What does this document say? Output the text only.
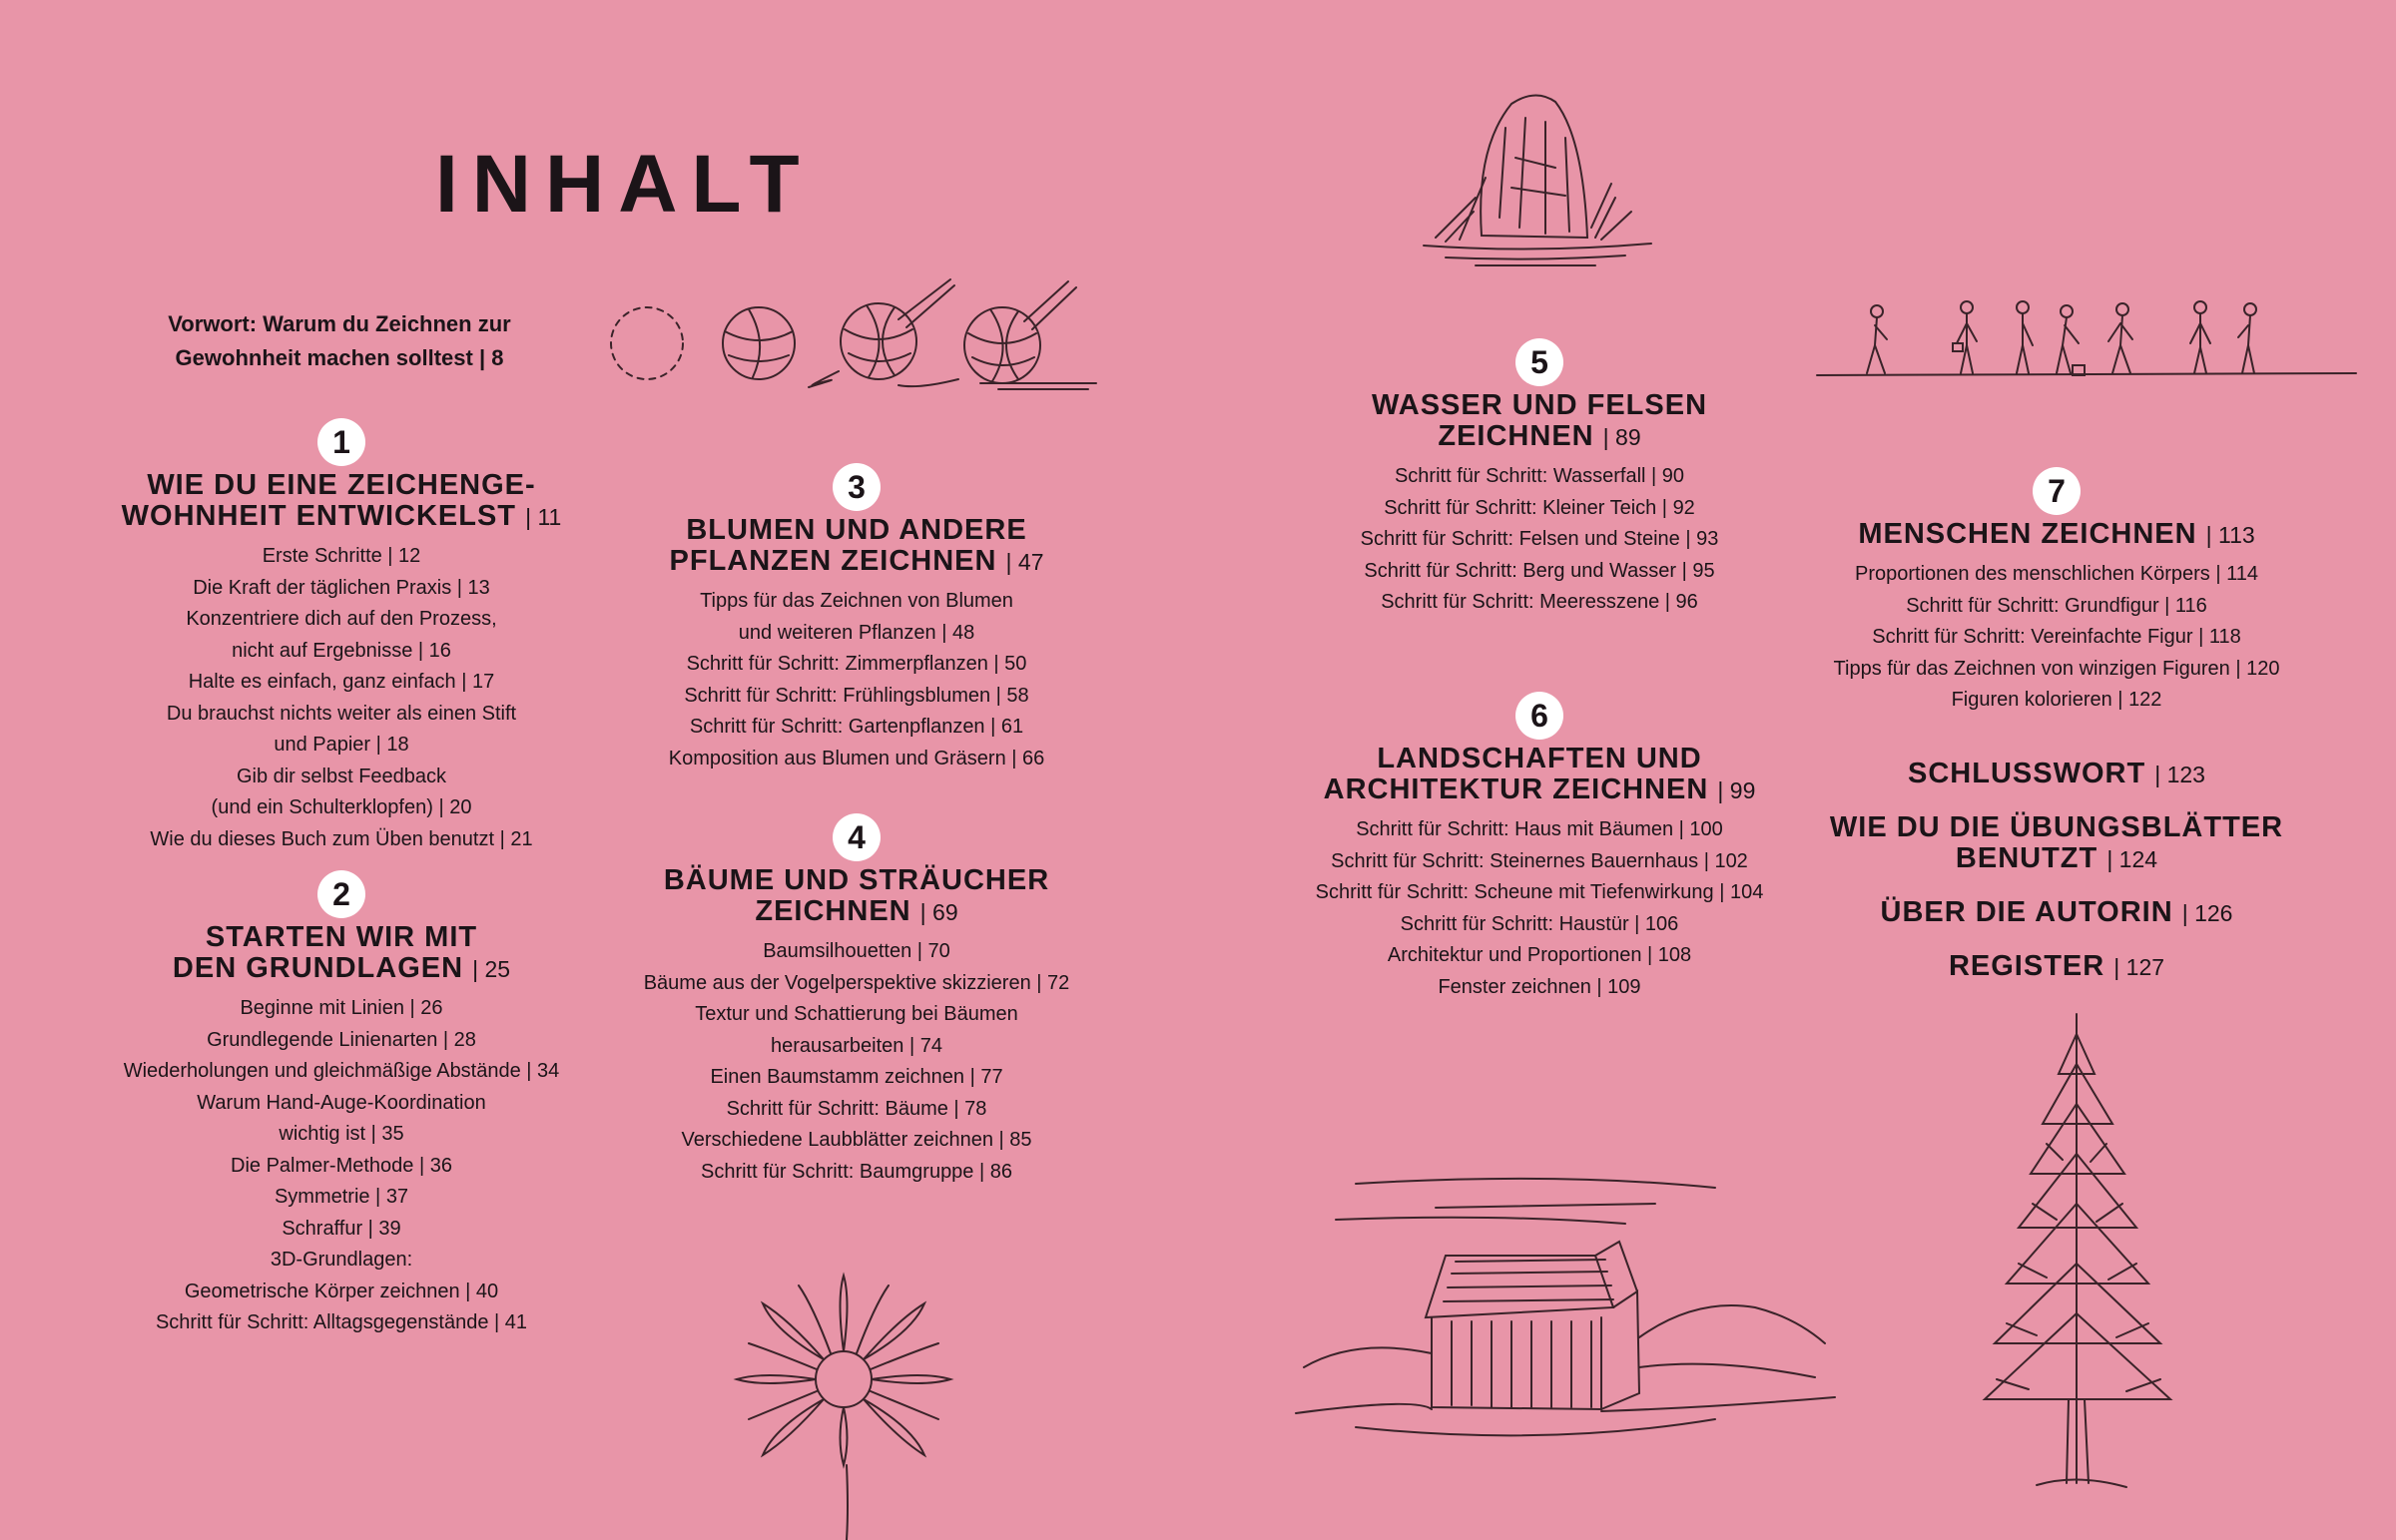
INHALT
Vorwort: Warum du Zeichnen zur
Gewohnheit machen solltest | 8
1
WIE DU EINE ZEICHENGE-
WOHNHEIT ENTWICKELST | 11
Erste Schritte | 12
Die Kraft der täglichen Praxis | 13
Konzentriere dich auf den Prozess,
nicht auf Ergebnisse | 16
Halte es einfach, ganz einfach | 17
Du brauchst nichts weiter als einen Stift
und Papier | 18
Gib dir selbst Feedback
(und ein Schulterklopfen) | 20
Wie du dieses Buch zum Üben benutzt | 21
2
STARTEN WIR MIT
DEN GRUNDLAGEN | 25
Beginne mit Linien | 26
Grundlegende Linienarten | 28
Wiederholungen und gleichmäßige Abstände | 34
Warum Hand-Auge-Koordination
wichtig ist | 35
Die Palmer-Methode | 36
Symmetrie | 37
Schraffur | 39
3D-Grundlagen:
Geometrische Körper zeichnen | 40
Schritt für Schritt: Alltagsgegenstände | 41
3
BLUMEN UND ANDERE
PFLANZEN ZEICHNEN | 47
Tipps für das Zeichnen von Blumen
und weiteren Pflanzen | 48
Schritt für Schritt: Zimmerpflanzen | 50
Schritt für Schritt: Frühlingsblumen | 58
Schritt für Schritt: Gartenpflanzen | 61
Komposition aus Blumen und Gräsern | 66
4
BÄUME UND STRÄUCHER
ZEICHNEN | 69
Baumsilhouetten | 70
Bäume aus der Vogelperspektive skizzieren | 72
Textur und Schattierung bei Bäumen
herausarbeiten | 74
Einen Baumstamm zeichnen | 77
Schritt für Schritt: Bäume | 78
Verschiedene Laubblätter zeichnen | 85
Schritt für Schritt: Baumgruppe | 86
5
WASSER UND FELSEN
ZEICHNEN | 89
Schritt für Schritt: Wasserfall | 90
Schritt für Schritt: Kleiner Teich | 92
Schritt für Schritt: Felsen und Steine | 93
Schritt für Schritt: Berg und Wasser | 95
Schritt für Schritt: Meeresszene | 96
6
LANDSCHAFTEN UND
ARCHITEKTUR ZEICHNEN | 99
Schritt für Schritt: Haus mit Bäumen | 100
Schritt für Schritt: Steinernes Bauernhaus | 102
Schritt für Schritt: Scheune mit Tiefenwirkung | 104
Schritt für Schritt: Haustür | 106
Architektur und Proportionen | 108
Fenster zeichnen | 109
7
MENSCHEN ZEICHNEN | 113
Proportionen des menschlichen Körpers | 114
Schritt für Schritt: Grundfigur | 116
Schritt für Schritt: Vereinfachte Figur | 118
Tipps für das Zeichnen von winzigen Figuren | 120
Figuren kolorieren | 122
SCHLUSSWORT | 123
WIE DU DIE ÜBUNGSBLÄTTER
BENUTZT | 124
ÜBER DIE AUTORIN | 126
REGISTER | 127
